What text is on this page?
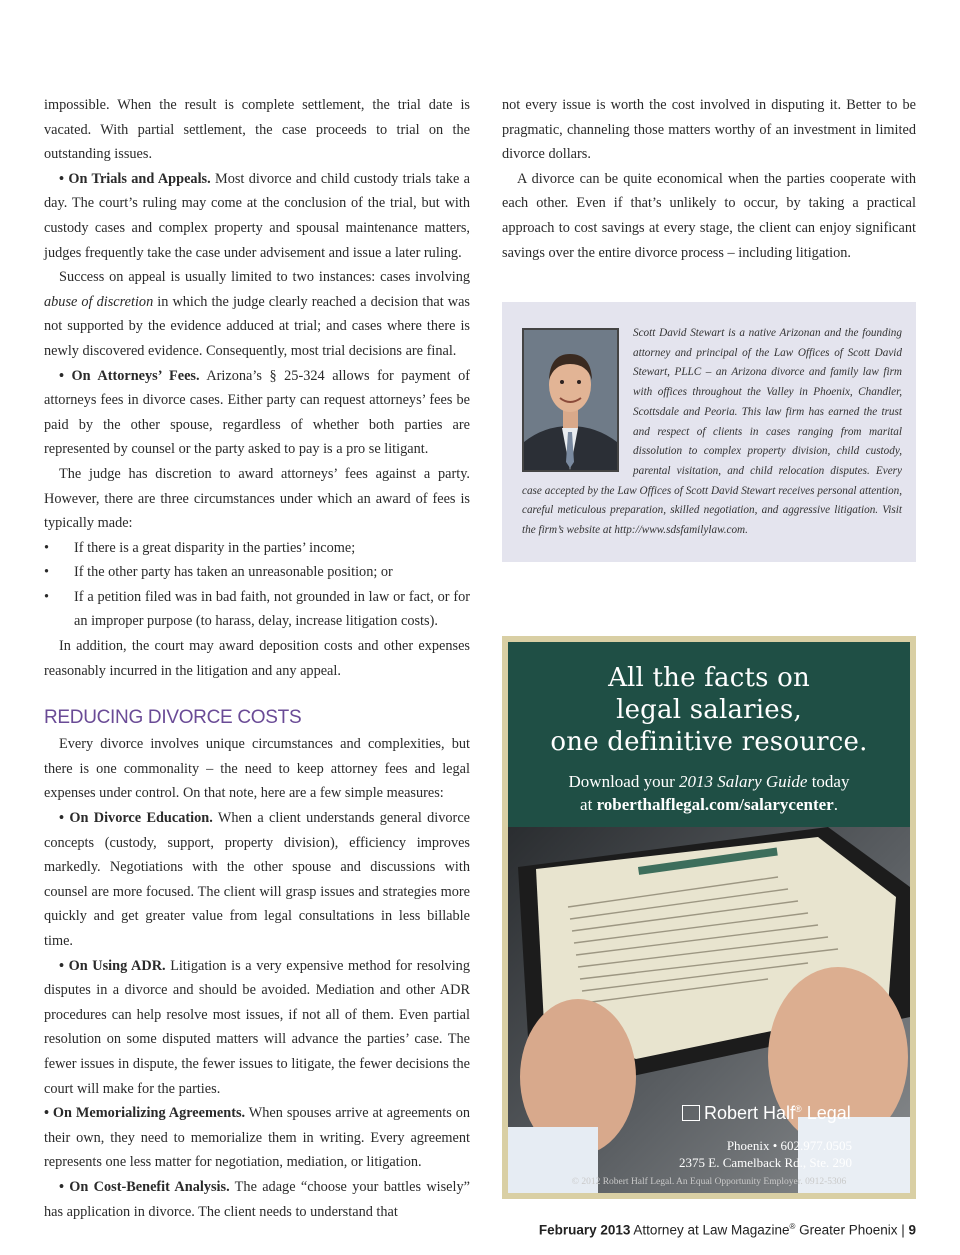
impossible. When the result is complete settlement, the trial date is vacated. With partial settlement, the case proceeds to trial on the outstanding issues.

• On Trials and Appeals. Most divorce and child custody trials take a day. The court’s ruling may come at the conclusion of the trial, but with custody cases and complex property and spousal maintenance matters, judges frequently take the case under advisement and issue a later ruling.

Success on appeal is usually limited to two instances: cases involving abuse of discretion in which the judge clearly reached a decision that was not supported by the evidence adduced at trial; and cases where there is newly discovered evidence. Consequently, most trial decisions are final.

• On Attorneys’ Fees. Arizona’s § 25-324 allows for payment of attorneys fees in divorce cases. Either party can request attorneys’ fees be paid by the other spouse, regardless of whether both parties are represented by counsel or the party asked to pay is a pro se litigant.

The judge has discretion to award attorneys’ fees against a party. However, there are three circumstances under which an award of fees is typically made:

• If there is a great disparity in the parties’ income;
• If the other party has taken an unreasonable position; or
• If a petition filed was in bad faith, not grounded in law or fact, or for an improper purpose (to harass, delay, increase litigation costs).

In addition, the court may award deposition costs and other expenses reasonably incurred in the litigation and any appeal.

REDUCING DIVORCE COSTS

Every divorce involves unique circumstances and complexities, but there is one commonality – the need to keep attorney fees and legal expenses under control. On that note, here are a few simple measures:

• On Divorce Education. When a client understands general divorce concepts (custody, support, property division), efficiency improves markedly. Negotiations with the other spouse and discussions with counsel are more focused. The client will grasp issues and strategies more quickly and get greater value from legal consultations in less billable time.

• On Using ADR. Litigation is a very expensive method for resolving disputes in a divorce and should be avoided. Mediation and other ADR procedures can help resolve most issues, if not all of them. Even partial resolution on some disputed matters will advance the parties’ case. The fewer issues in dispute, the fewer issues to litigate, the fewer decisions the court will make for the parties.

• On Memorializing Agreements. When spouses arrive at agreements on their own, they need to memorialize them in writing. Every agreement represents one less matter for negotiation, mediation, or litigation.

• On Cost-Benefit Analysis. The adage “choose your battles wisely” has application in divorce. The client needs to understand that

not every issue is worth the cost involved in disputing it. Better to be pragmatic, channeling those matters worthy of an investment in limited divorce dollars.

A divorce can be quite economical when the parties cooperate with each other. Even if that’s unlikely to occur, by taking a practical approach to cost savings at every stage, the client can enjoy significant savings over the entire divorce process – including litigation.

Scott David Stewart is a native Arizonan and the founding attorney and principal of the Law Offices of Scott David Stewart, PLLC – an Arizona divorce and family law firm with offices throughout the Valley in Phoenix, Chandler, Scottsdale and Peoria. This law firm has earned the trust and respect of clients in cases ranging from marital dissolution to complex property division, child custody, parental visitation, and child relocation disputes. Every case accepted by the Law Offices of Scott David Stewart receives personal attention, careful meticulous preparation, skilled negotiation, and aggressive litigation. Visit the firm’s website at http://www.sdsfamilylaw.com.
All the facts on
legal salaries,
one definitive resource.
Download your 2013 Salary Guide today
at roberthalflegal.com/salarycenter.
Robert Half® Legal
Phoenix • 602.977.0505
2375 E. Camelback Rd., Ste. 290
© 2012 Robert Half Legal. An Equal Opportunity Employer. 0912-5306
February 2013 Attorney at Law Magazine® Greater Phoenix | 9
